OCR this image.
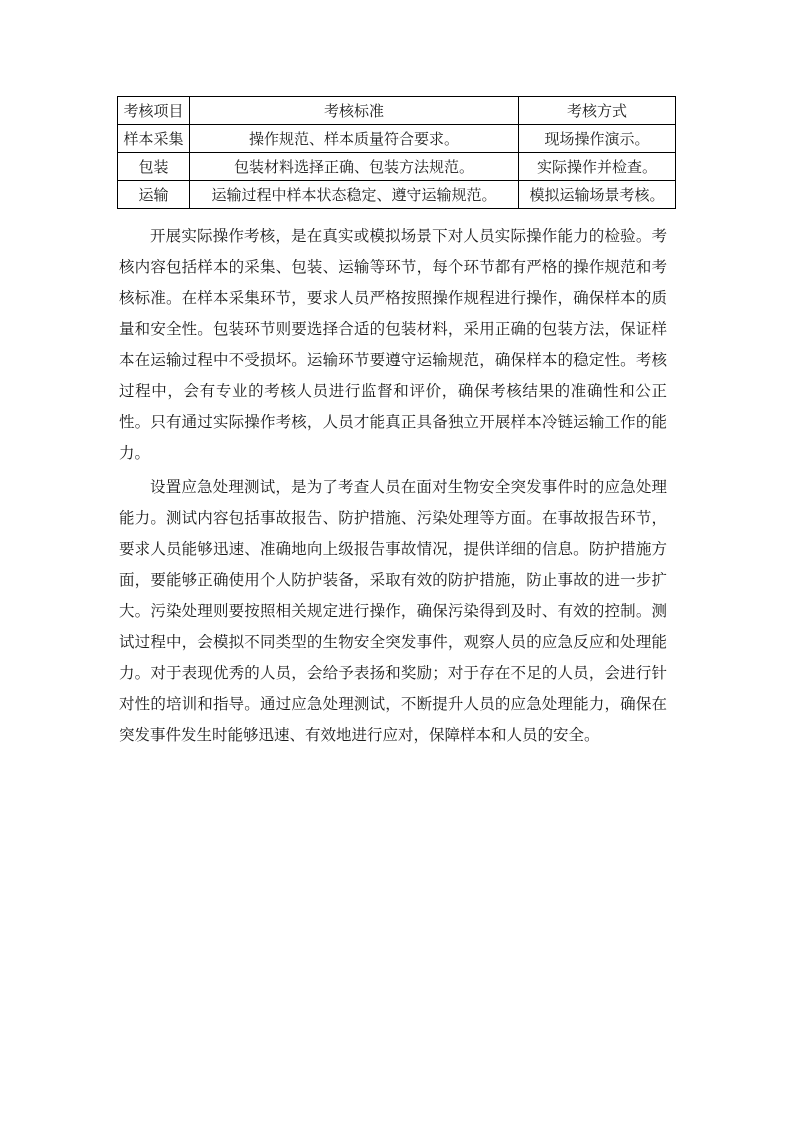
考核项目	考核标准	考核方式
样本采集	操作规范、样本质量符合要求。	现场操作演示。
包装	包装材料选择正确、包装方法规范。	实际操作并检查。
运输	运输过程中样本状态稳定、遵守运输规范。	模拟运输场景考核。

开展实际操作考核，是在真实或模拟场景下对人员实际操作能力的检验。考核内容包括样本的采集、包装、运输等环节，每个环节都有严格的操作规范和考核标准。在样本采集环节，要求人员严格按照操作规程进行操作，确保样本的质量和安全性。包装环节则要选择合适的包装材料，采用正确的包装方法，保证样本在运输过程中不受损坏。运输环节要遵守运输规范，确保样本的稳定性。考核过程中，会有专业的考核人员进行监督和评价，确保考核结果的准确性和公正性。只有通过实际操作考核，人员才能真正具备独立开展样本冷链运输工作的能力。

设置应急处理测试，是为了考查人员在面对生物安全突发事件时的应急处理能力。测试内容包括事故报告、防护措施、污染处理等方面。在事故报告环节，要求人员能够迅速、准确地向上级报告事故情况，提供详细的信息。防护措施方面，要能够正确使用个人防护装备，采取有效的防护措施，防止事故的进一步扩大。污染处理则要按照相关规定进行操作，确保污染得到及时、有效的控制。测试过程中，会模拟不同类型的生物安全突发事件，观察人员的应急反应和处理能力。对于表现优秀的人员，会给予表扬和奖励；对于存在不足的人员，会进行针对性的培训和指导。通过应急处理测试，不断提升人员的应急处理能力，确保在突发事件发生时能够迅速、有效地进行应对，保障样本和人员的安全。
